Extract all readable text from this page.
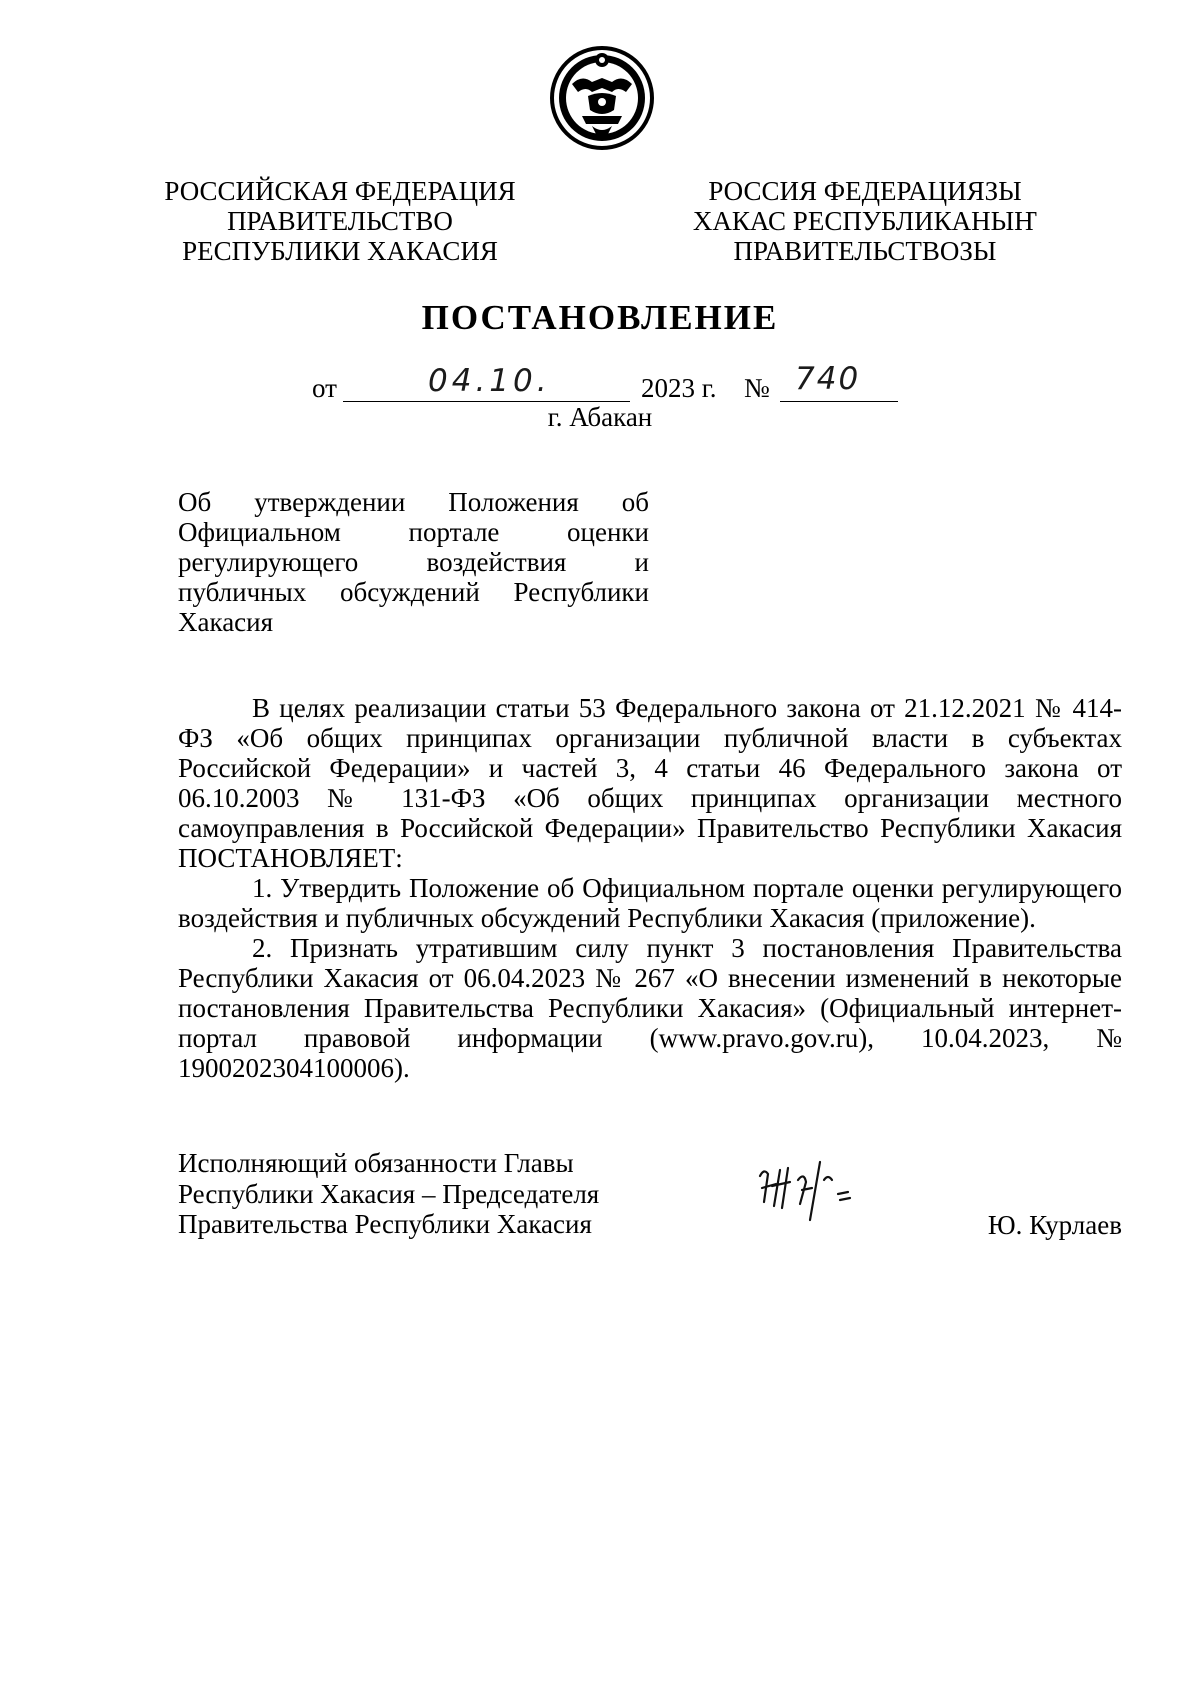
РОССИЙСКАЯ ФЕДЕРАЦИЯ
ПРАВИТЕЛЬСТВО
РЕСПУБЛИКИ ХАКАСИЯ
РОССИЯ ФЕДЕРАЦИЯЗЫ
ХАКАС РЕСПУБЛИКАНЫҤ
ПРАВИТЕЛЬСТВОЗЫ
ПОСТАНОВЛЕНИЕ
от	04.10.	2023 г. № 740
г. Абакан
Об утверждении Положения об Официальном портале оценки регулирующего воздействия и публичных обсуждений Республики Хакасия

В целях реализации статьи 53 Федерального закона от 21.12.2021 № 414-ФЗ «Об общих принципах организации публичной власти в субъектах Российской Федерации» и частей 3, 4 статьи 46 Федерального закона от 06.10.2003 № 131-ФЗ «Об общих принципах организации местного самоуправления в Российской Федерации» Правительство Республики Хакасия ПОСТАНОВЛЯЕТ:

1. Утвердить Положение об Официальном портале оценки регулирующего воздействия и публичных обсуждений Республики Хакасия (приложение).

2. Признать утратившим силу пункт 3 постановления Правительства Республики Хакасия от 06.04.2023 № 267 «О внесении изменений в некоторые постановления Правительства Республики Хакасия» (Официальный интернет-портал правовой информации (www.pravo.gov.ru), 10.04.2023, № 1900202304100006).

Исполняющий обязанности Главы
Республики Хакасия – Председателя
Правительства Республики Хакасия	Ю. Курлаев
